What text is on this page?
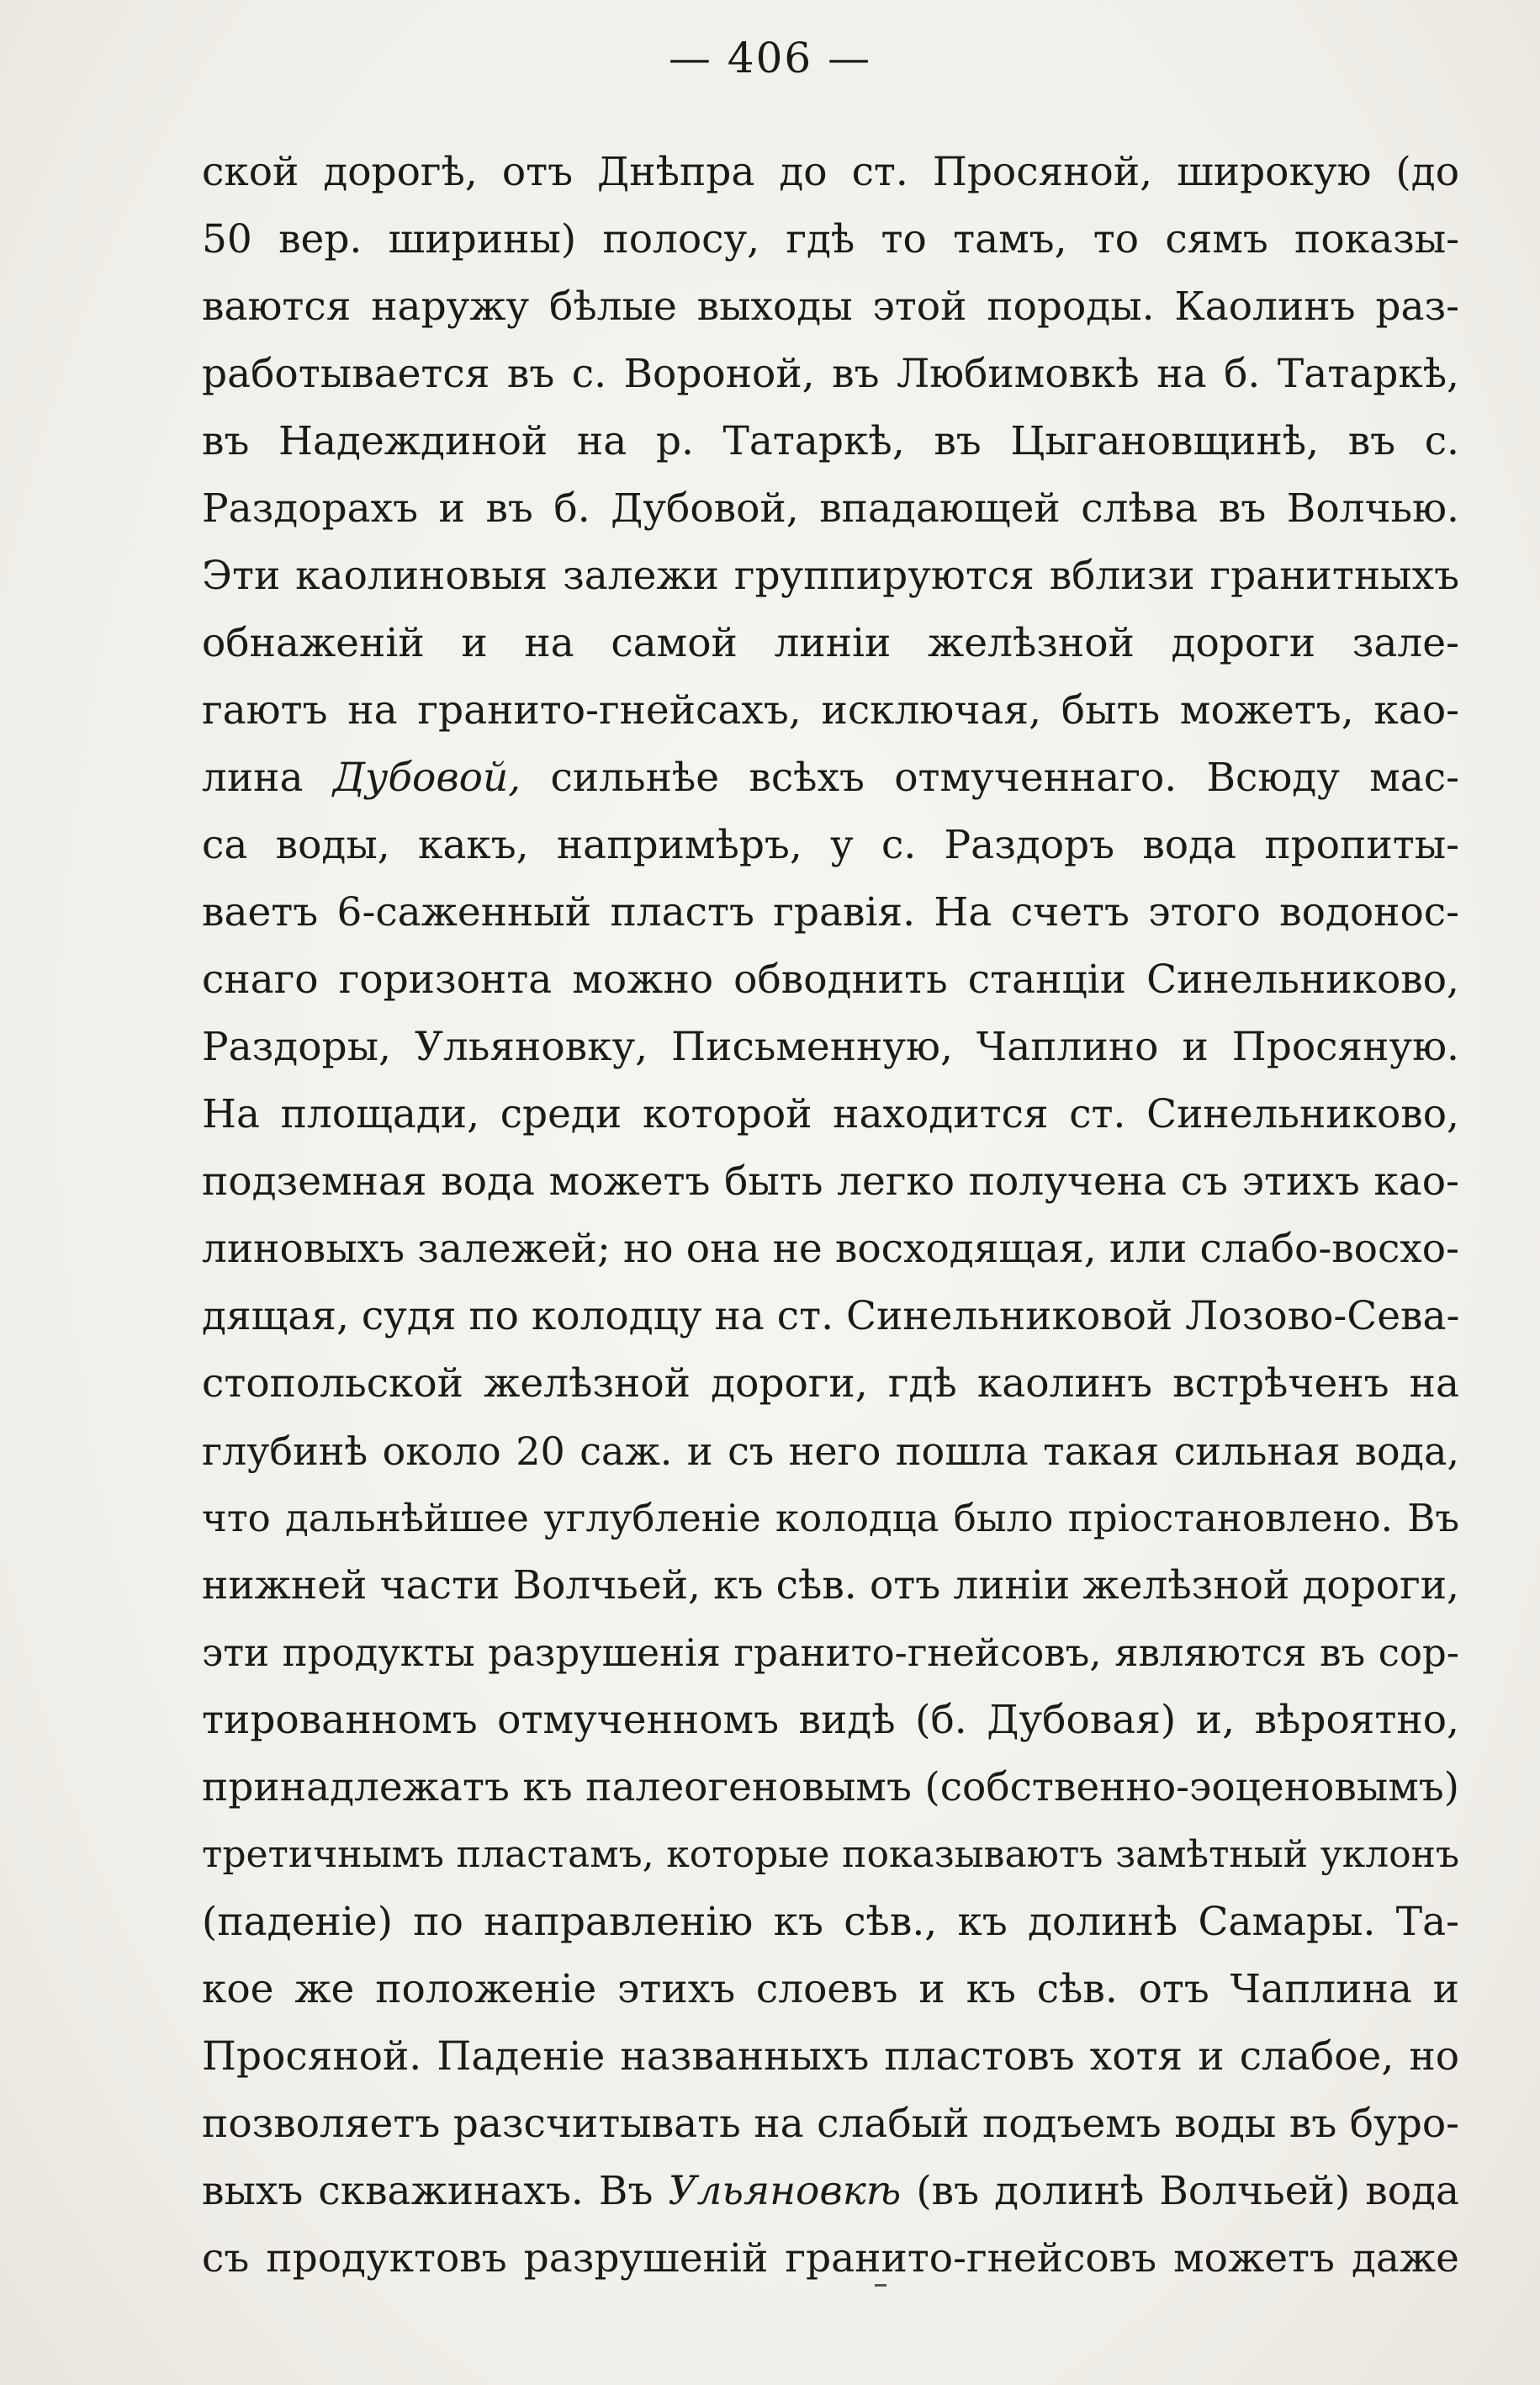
— 406 —
ской дорогѣ, отъ Днѣпра до ст. Просяной, широкую (до
50 вер. ширины) полосу, гдѣ то тамъ, то сямъ показы-
ваются наружу бѣлые выходы этой породы. Каолинъ раз-
работывается въ с. Вороной, въ Любимовкѣ на б. Татаркѣ,
въ Надеждиной на р. Татаркѣ, въ Цыгановщинѣ, въ с.
Раздорахъ и въ б. Дубовой, впадающей слѣва въ Волчью.
Эти каолиновыя залежи группируются вблизи гранитныхъ
обнаженій и на самой линіи желѣзной дороги зале-
гаютъ на гранито-гнейсахъ, исключая, быть можетъ, као-
лина Дубовой, сильнѣе всѣхъ отмученнаго. Всюду мас-
са воды, какъ, напримѣръ, у с. Раздоръ вода пропиты-
ваетъ 6-саженный пластъ гравія. На счетъ этого водонос-
снаго горизонта можно обводнить станціи Синельниково,
Раздоры, Ульяновку, Письменную, Чаплино и Просяную.
На площади, среди которой находится ст. Синельниково,
подземная вода можетъ быть легко получена съ этихъ као-
линовыхъ залежей; но она не восходящая, или слабо-восхо-
дящая, судя по колодцу на ст. Синельниковой Лозово-Сева-
стопольской желѣзной дороги, гдѣ каолинъ встрѣченъ на
глубинѣ около 20 саж. и съ него пошла такая сильная вода,
что дальнѣйшее углубленіе колодца было пріостановлено. Въ
нижней части Волчьей, къ сѣв. отъ линіи желѣзной дороги,
эти продукты разрушенія гранито-гнейсовъ, являются въ сор-
тированномъ отмученномъ видѣ (б. Дубовая) и, вѣроятно,
принадлежатъ къ палеогеновымъ (собственно-эоценовымъ)
третичнымъ пластамъ, которые показываютъ замѣтный уклонъ
(паденіе) по направленію къ сѣв., къ долинѣ Самары. Та-
кое же положеніе этихъ слоевъ и къ сѣв. отъ Чаплина и
Просяной. Паденіе названныхъ пластовъ хотя и слабое, но
позволяетъ разсчитывать на слабый подъемъ воды въ буро-
выхъ скважинахъ. Въ Ульяновкѣ (въ долинѣ Волчьей) вода
съ продуктовъ разрушеній гранито-гнейсовъ можетъ даже
